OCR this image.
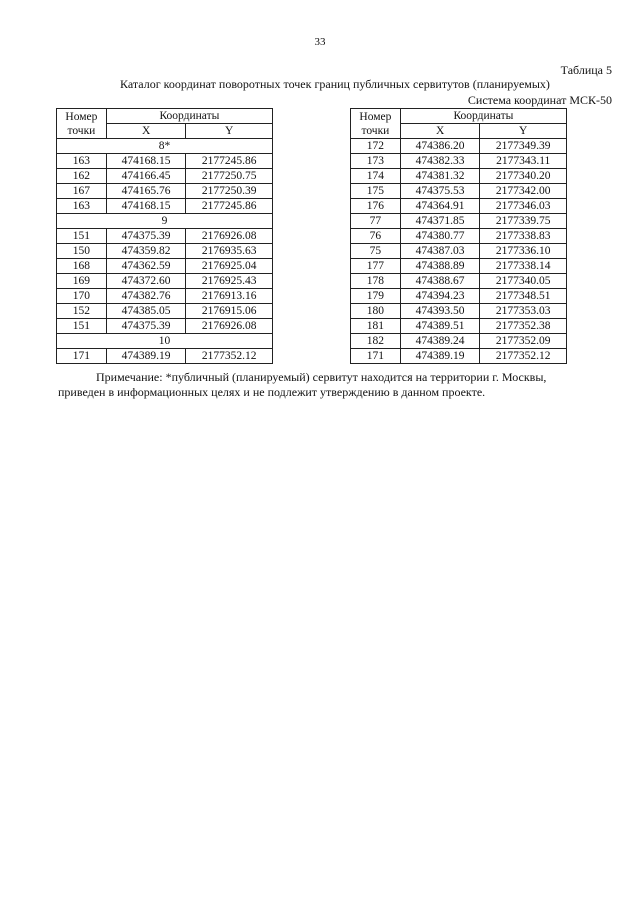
33
Таблица 5
Каталог координат поворотных точек границ публичных сервитутов (планируемых)
Система координат МСК-50
Номер
точки	Координаты	
	X	Y
8*		
163	474168.15	2177245.86
162	474166.45	2177250.75
167	474165.76	2177250.39
163	474168.15	2177245.86
9		
151	474375.39	2176926.08
150	474359.82	2176935.63
168	474362.59	2176925.04
169	474372.60	2176925.43
170	474382.76	2176913.16
152	474385.05	2176915.06
151	474375.39	2176926.08
10		
171	474389.19	2177352.12
Номер
точки	Координаты	
	X	Y
172	474386.20	2177349.39
173	474382.33	2177343.11
174	474381.32	2177340.20
175	474375.53	2177342.00
176	474364.91	2177346.03
77	474371.85	2177339.75
76	474380.77	2177338.83
75	474387.03	2177336.10
177	474388.89	2177338.14
178	474388.67	2177340.05
179	474394.23	2177348.51
180	474393.50	2177353.03
181	474389.51	2177352.38
182	474389.24	2177352.09
171	474389.19	2177352.12
Примечание: *публичный (планируемый) сервитут находится на территории г. Москвы, приведен в информационных целях и не подлежит утверждению в данном проекте.
